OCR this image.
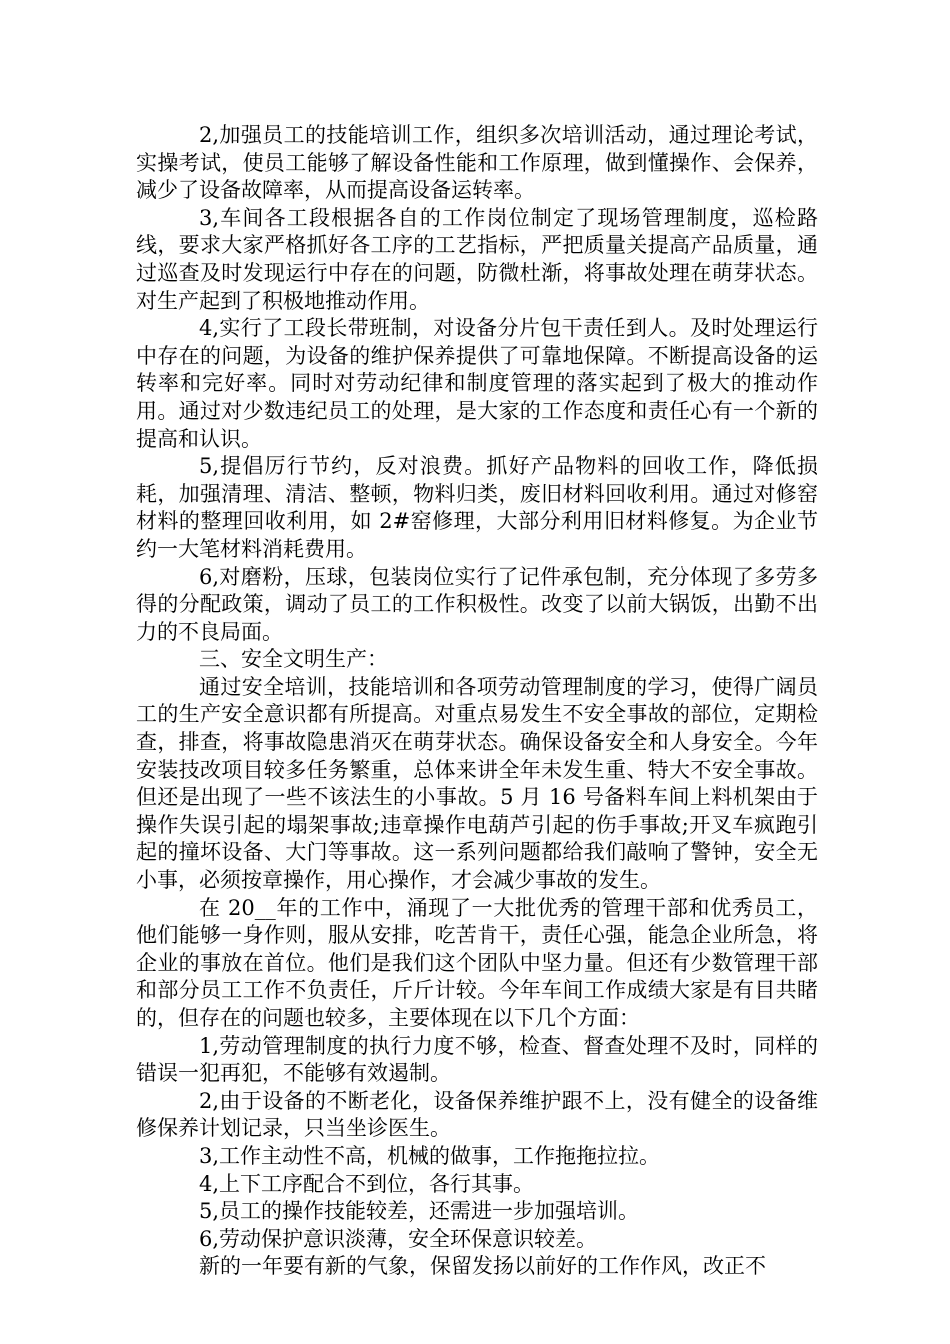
2,加强员工的技能培训工作，组织多次培训活动，通过理论考试，实操考试，使员工能够了解设备性能和工作原理，做到懂操作、会保养，减少了设备故障率，从而提高设备运转率。

3,车间各工段根据各自的工作岗位制定了现场管理制度，巡检路线，要求大家严格抓好各工序的工艺指标，严把质量关提高产品质量，通过巡查及时发现运行中存在的问题，防微杜渐，将事故处理在萌芽状态。对生产起到了积极地推动作用。

4,实行了工段长带班制，对设备分片包干责任到人。及时处理运行中存在的问题，为设备的维护保养提供了可靠地保障。不断提高设备的运转率和完好率。同时对劳动纪律和制度管理的落实起到了极大的推动作用。通过对少数违纪员工的处理，是大家的工作态度和责任心有一个新的提高和认识。

5,提倡厉行节约，反对浪费。抓好产品物料的回收工作，降低损耗，加强清理、清洁、整顿，物料归类，废旧材料回收利用。通过对修窑材料的整理回收利用，如 2#窑修理，大部分利用旧材料修复。为企业节约一大笔材料消耗费用。

6,对磨粉，压球，包装岗位实行了记件承包制，充分体现了多劳多得的分配政策，调动了员工的工作积极性。改变了以前大锅饭，出勤不出力的不良局面。

三、安全文明生产：

通过安全培训，技能培训和各项劳动管理制度的学习，使得广阔员工的生产安全意识都有所提高。对重点易发生不安全事故的部位，定期检查，排查，将事故隐患消灭在萌芽状态。确保设备安全和人身安全。今年安装技改项目较多任务繁重，总体来讲全年未发生重、特大不安全事故。但还是出现了一些不该法生的小事故。5 月 16 号备料车间上料机架由于操作失误引起的塌架事故;违章操作电葫芦引起的伤手事故;开叉车疯跑引起的撞坏设备、大门等事故。这一系列问题都给我们敲响了警钟，安全无小事，必须按章操作，用心操作，才会减少事故的发生。

在 20__年的工作中，涌现了一大批优秀的管理干部和优秀员工，他们能够一身作则，服从安排，吃苦肯干，责任心强，能急企业所急，将企业的事放在首位。他们是我们这个团队中坚力量。但还有少数管理干部和部分员工工作不负责任，斤斤计较。今年车间工作成绩大家是有目共睹的，但存在的问题也较多，主要体现在以下几个方面：

1,劳动管理制度的执行力度不够，检查、督查处理不及时，同样的错误一犯再犯，不能够有效遏制。

2,由于设备的不断老化，设备保养维护跟不上，没有健全的设备维修保养计划记录，只当坐诊医生。

3,工作主动性不高，机械的做事，工作拖拖拉拉。

4,上下工序配合不到位，各行其事。

5,员工的操作技能较差，还需进一步加强培训。

6,劳动保护意识淡薄，安全环保意识较差。

新的一年要有新的气象，保留发扬以前好的工作作风，改正不
